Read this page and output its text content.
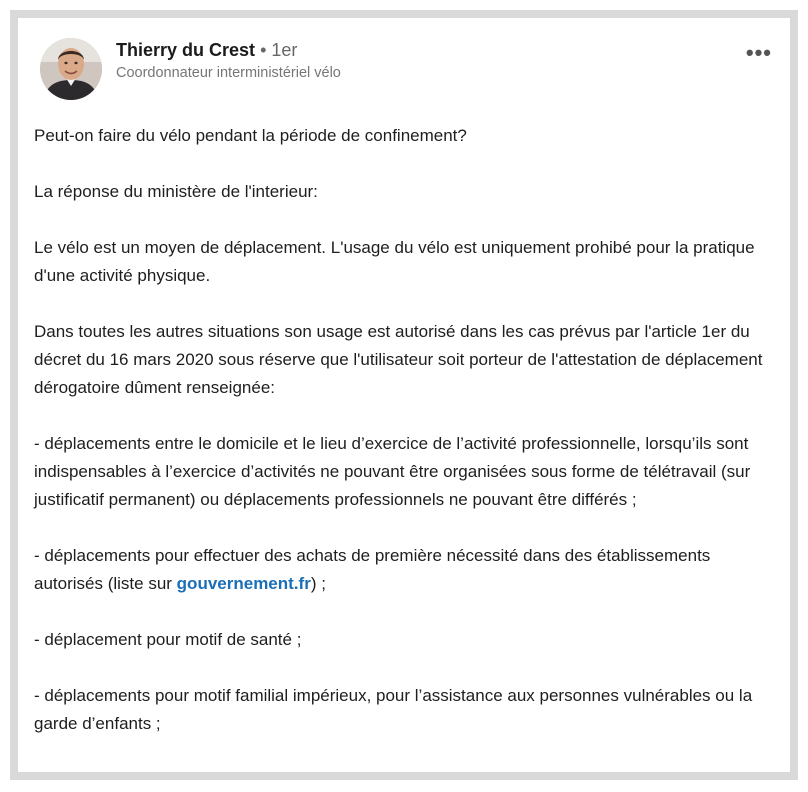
Thierry du Crest • 1er
Coordonnateur interministériel vélo
•••

Peut-on faire du vélo pendant la période de confinement?

La réponse du ministère de l'interieur:

Le vélo est un moyen de déplacement. L'usage du vélo est uniquement prohibé pour la pratique d'une activité physique.

Dans toutes les autres situations son usage est autorisé dans les cas prévus par l'article 1er du décret du 16 mars 2020 sous réserve que l'utilisateur soit porteur de l'attestation de déplacement dérogatoire dûment renseignée:

- déplacements entre le domicile et le lieu d’exercice de l’activité professionnelle, lorsqu’ils sont indispensables à l’exercice d’activités ne pouvant être organisées sous forme de télétravail (sur justificatif permanent) ou déplacements professionnels ne pouvant être différés ;

- déplacements pour effectuer des achats de première nécessité dans des établissements autorisés (liste sur gouvernement.fr) ;

- déplacement pour motif de santé ;

- déplacements pour motif familial impérieux, pour l’assistance aux personnes vulnérables ou la garde d’enfants ;
